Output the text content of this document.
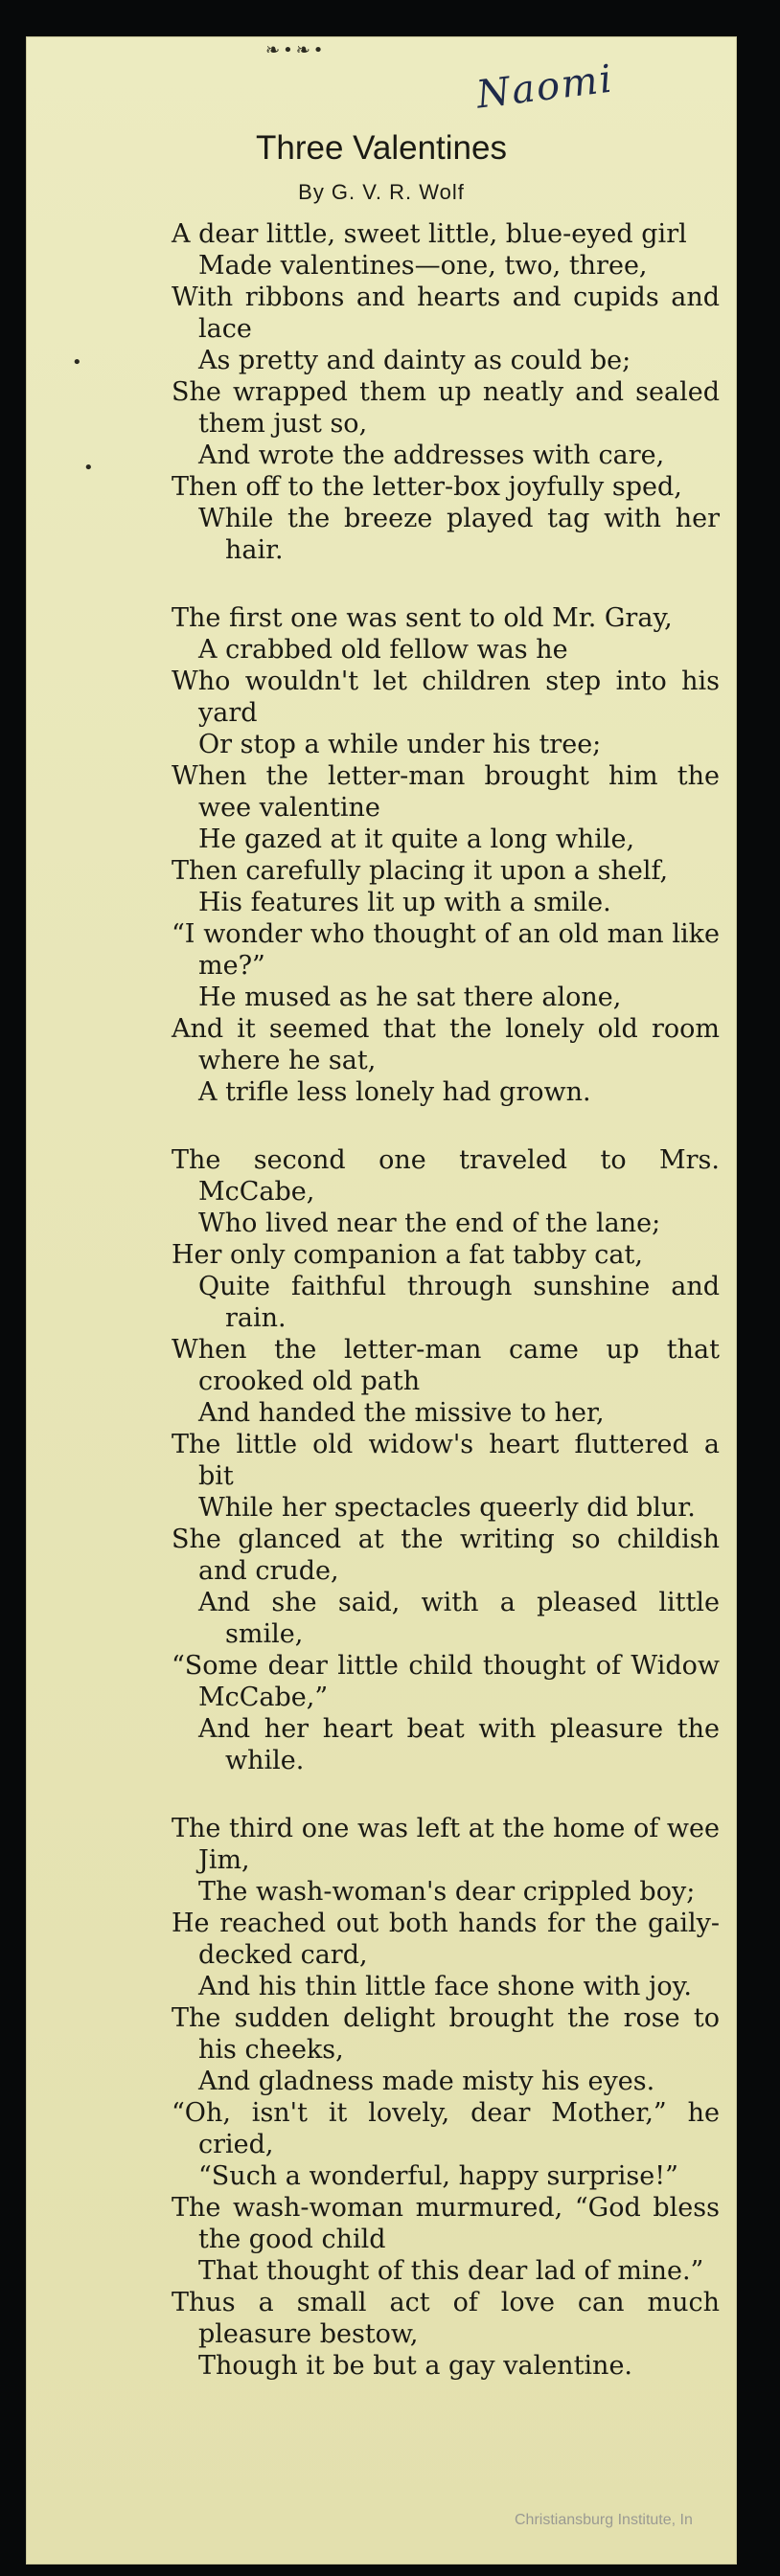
❧•❧•
Naomi
Three Valentines
By G. V. R. Wolf
•
•
A dear little, sweet little, blue-eyed girl
Made valentines—one, two, three,
With ribbons and hearts and cupids and lace
As pretty and dainty as could be;
She wrapped them up neatly and sealed them just so,
And wrote the addresses with care,
Then off to the letter-box joyfully sped,
While the breeze played tag with her hair.
The first one was sent to old Mr. Gray,
A crabbed old fellow was he
Who wouldn't let children step into his yard
Or stop a while under his tree;
When the letter-man brought him the wee valentine
He gazed at it quite a long while,
Then carefully placing it upon a shelf,
His features lit up with a smile.
“I wonder who thought of an old man like me?”
He mused as he sat there alone,
And it seemed that the lonely old room where he sat,
A trifle less lonely had grown.
The second one traveled to Mrs. McCabe,
Who lived near the end of the lane;
Her only companion a fat tabby cat,
Quite faithful through sunshine and rain.
When the letter-man came up that crooked old path
And handed the missive to her,
The little old widow's heart fluttered a bit
While her spectacles queerly did blur.
She glanced at the writing so childish and crude,
And she said, with a pleased little smile,
“Some dear little child thought of Widow McCabe,”
And her heart beat with pleasure the while.
The third one was left at the home of wee Jim,
The wash-woman's dear crippled boy;
He reached out both hands for the gaily-decked card,
And his thin little face shone with joy.
The sudden delight brought the rose to his cheeks,
And gladness made misty his eyes.
“Oh, isn't it lovely, dear Mother,” he cried,
“Such a wonderful, happy surprise!”
The wash-woman murmured, “God bless the good child
That thought of this dear lad of mine.”
Thus a small act of love can much pleasure bestow,
Though it be but a gay valentine.
Christiansburg Institute, In
